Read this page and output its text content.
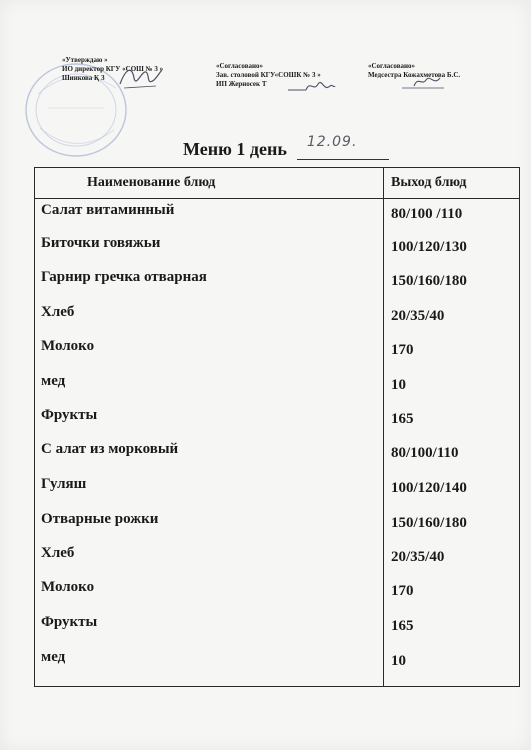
«Утверждаю »
ИО директор КГУ «СОШ № 3 »
Шинкова Қ З
«Согласовано»
Зав. столовой КГУ«СОШК № 3 »
ИП Жерносек Т
«Согласовано»
Медсестра Кожахметова Б.С.
Меню 1 день 12.09.
Наименование блюд	Выход блюд
Салат витаминный	80/100 /110
Биточки говяжьи	100/120/130
Гарнир гречка отварная	150/160/180
Хлеб	20/35/40
Молоко	170
мед	10
Фрукты	165
С алат из морковый	80/100/110
Гуляш	100/120/140
Отварные рожки	150/160/180
Хлеб	20/35/40
Молоко	170
Фрукты	165
мед	10
